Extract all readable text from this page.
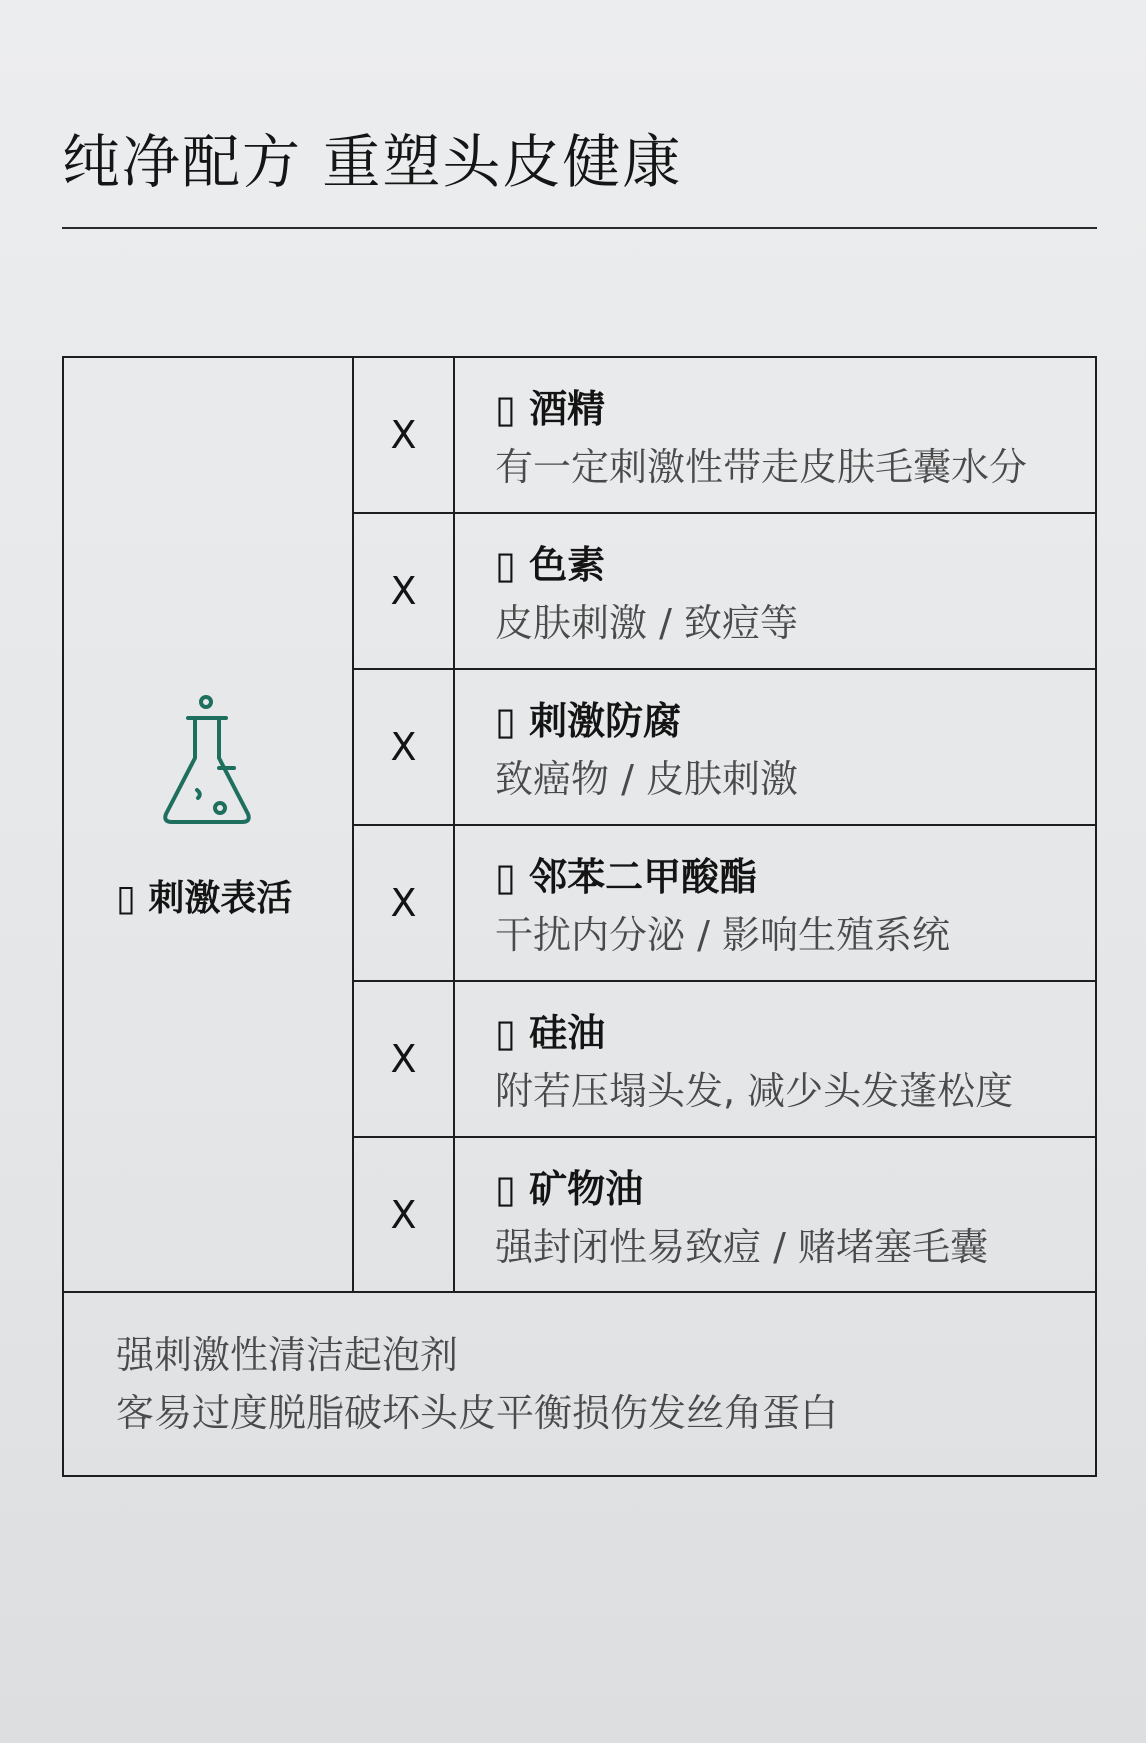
纯净配方 重塑头皮健康
▯ 刺激表活
X
▯ 酒精
有一定刺激性带走皮肤毛囊水分
X
▯ 色素
皮肤刺激 / 致痘等
X
▯ 刺激防腐
致癌物 / 皮肤刺激
X
▯ 邻苯二甲酸酯
干扰内分泌 / 影响生殖系统
X
▯ 硅油
附若压塌头发, 减少头发蓬松度
X
▯ 矿物油
强封闭性易致痘 / 赌堵塞毛囊
强刺激性清洁起泡剂
客易过度脱脂破坏头皮平衡损伤发丝角蛋白
